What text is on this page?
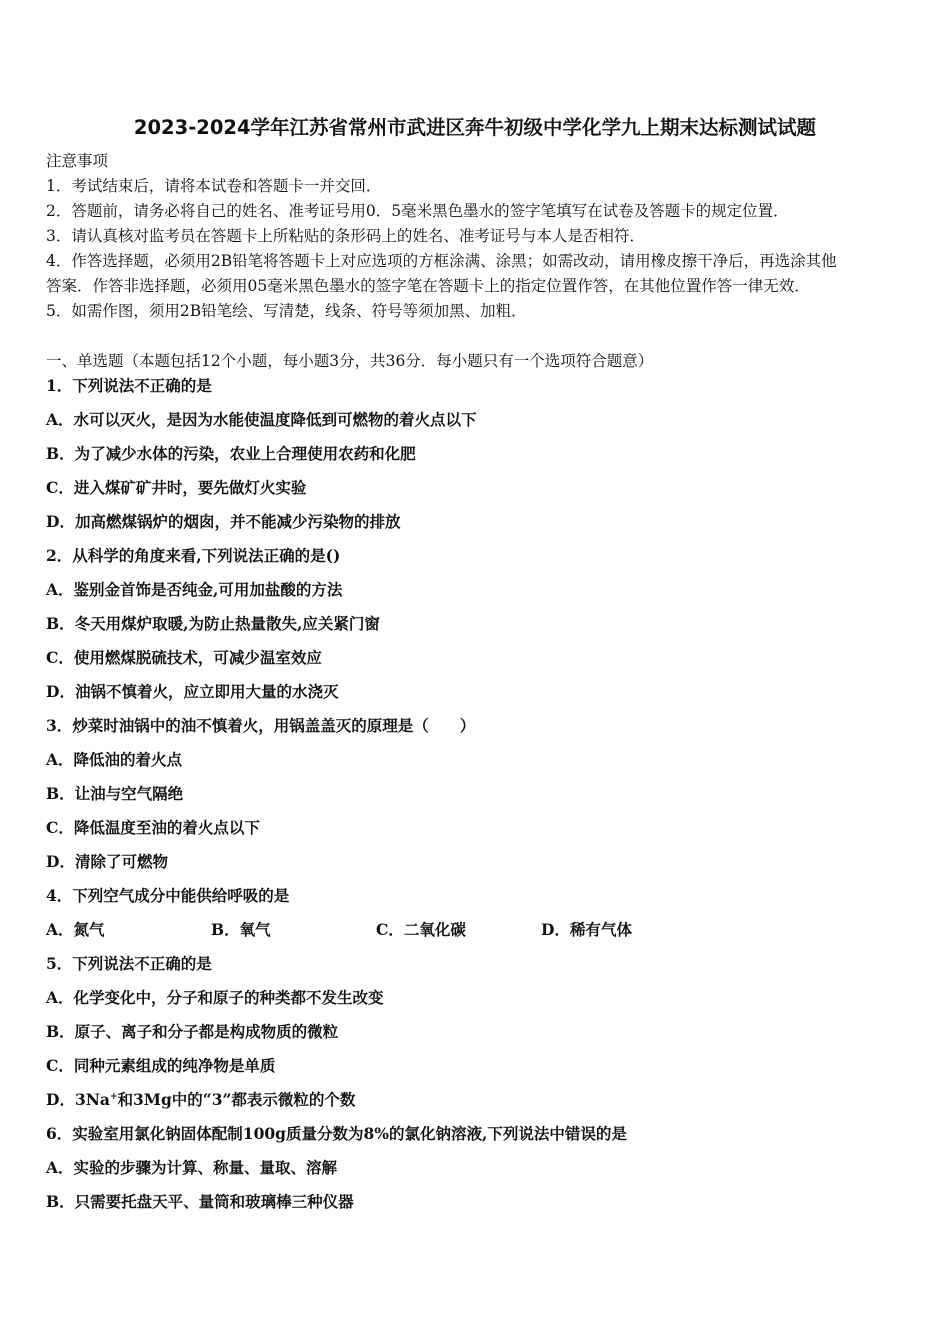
2023-2024学年江苏省常州市武进区奔牛初级中学化学九上期末达标测试试题
注意事项
1．考试结束后，请将本试卷和答题卡一并交回．
2．答题前，请务必将自己的姓名、准考证号用0．5毫米黑色墨水的签字笔填写在试卷及答题卡的规定位置．
3．请认真核对监考员在答题卡上所粘贴的条形码上的姓名、准考证号与本人是否相符．
4．作答选择题，必须用2B铅笔将答题卡上对应选项的方框涂满、涂黑；如需改动，请用橡皮擦干净后，再选涂其他
答案．作答非选择题，必须用05毫米黑色墨水的签字笔在答题卡上的指定位置作答，在其他位置作答一律无效．
5．如需作图，须用2B铅笔绘、写清楚，线条、符号等须加黑、加粗．
一、单选题（本题包括12个小题，每小题3分，共36分．每小题只有一个选项符合题意）
1．下列说法不正确的是
A．水可以灭火，是因为水能使温度降低到可燃物的着火点以下
B．为了减少水体的污染，农业上合理使用农药和化肥
C．进入煤矿矿井时，要先做灯火实验
D．加高燃煤锅炉的烟囱，并不能减少污染物的排放
2．从科学的角度来看,下列说法正确的是()
A．鉴别金首饰是否纯金,可用加盐酸的方法
B．冬天用煤炉取暖,为防止热量散失,应关紧门窗
C．使用燃煤脱硫技术，可减少温室效应
D．油锅不慎着火，应立即用大量的水浇灭
3．炒菜时油锅中的油不慎着火，用锅盖盖灭的原理是（　　）
A．降低油的着火点
B．让油与空气隔绝
C．降低温度至油的着火点以下
D．清除了可燃物
4．下列空气成分中能供给呼吸的是
A．氮气	B．氧气	C．二氧化碳	D．稀有气体
5．下列说法不正确的是
A．化学变化中，分子和原子的种类都不发生改变
B．原子、离子和分子都是构成物质的微粒
C．同种元素组成的纯净物是单质
D．3Na+和3Mg中的“3”都表示微粒的个数
6．实验室用氯化钠固体配制100g质量分数为8%的氯化钠溶液,下列说法中错误的是
A．实验的步骤为计算、称量、量取、溶解
B．只需要托盘天平、量筒和玻璃棒三种仪器
